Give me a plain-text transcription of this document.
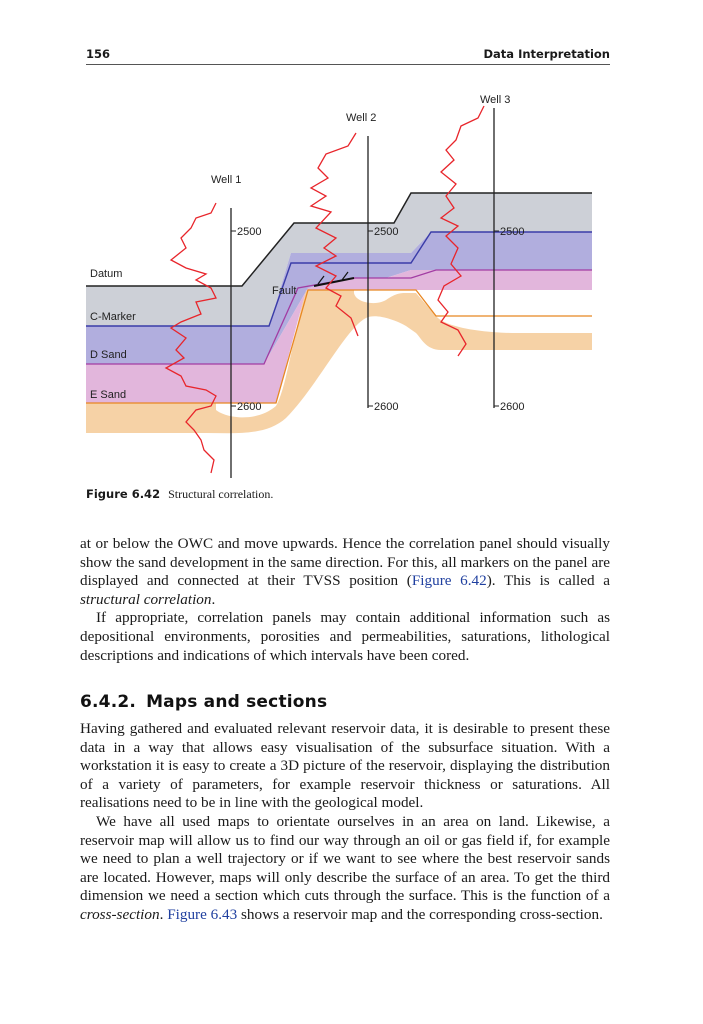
156	Data Interpretation
Well 1
Well 2
Well 3
Datum
C-Marker
D Sand
E Sand
Fault
2500
2600
2500
2600
2500
2600
Figure 6.42 Structural correlation.

at or below the OWC and move upwards. Hence the correlation panel should visually show the sand development in the same direction. For this, all markers on the panel are displayed and connected at their TVSS position (Figure 6.42). This is called a structural correlation.

If appropriate, correlation panels may contain additional information such as depositional environments, porosities and permeabilities, saturations, lithological descriptions and indications of which intervals have been cored.

6.4.2. Maps and sections

Having gathered and evaluated relevant reservoir data, it is desirable to present these data in a way that allows easy visualisation of the subsurface situation. With a workstation it is easy to create a 3D picture of the reservoir, displaying the distribution of a variety of parameters, for example reservoir thickness or saturations. All realisations need to be in line with the geological model.

We have all used maps to orientate ourselves in an area on land. Likewise, a reservoir map will allow us to find our way through an oil or gas field if, for example we need to plan a well trajectory or if we want to see where the best reservoir sands are located. However, maps will only describe the surface of an area. To get the third dimension we need a section which cuts through the surface. This is the function of a cross-section. Figure 6.43 shows a reservoir map and the corresponding cross-section.
